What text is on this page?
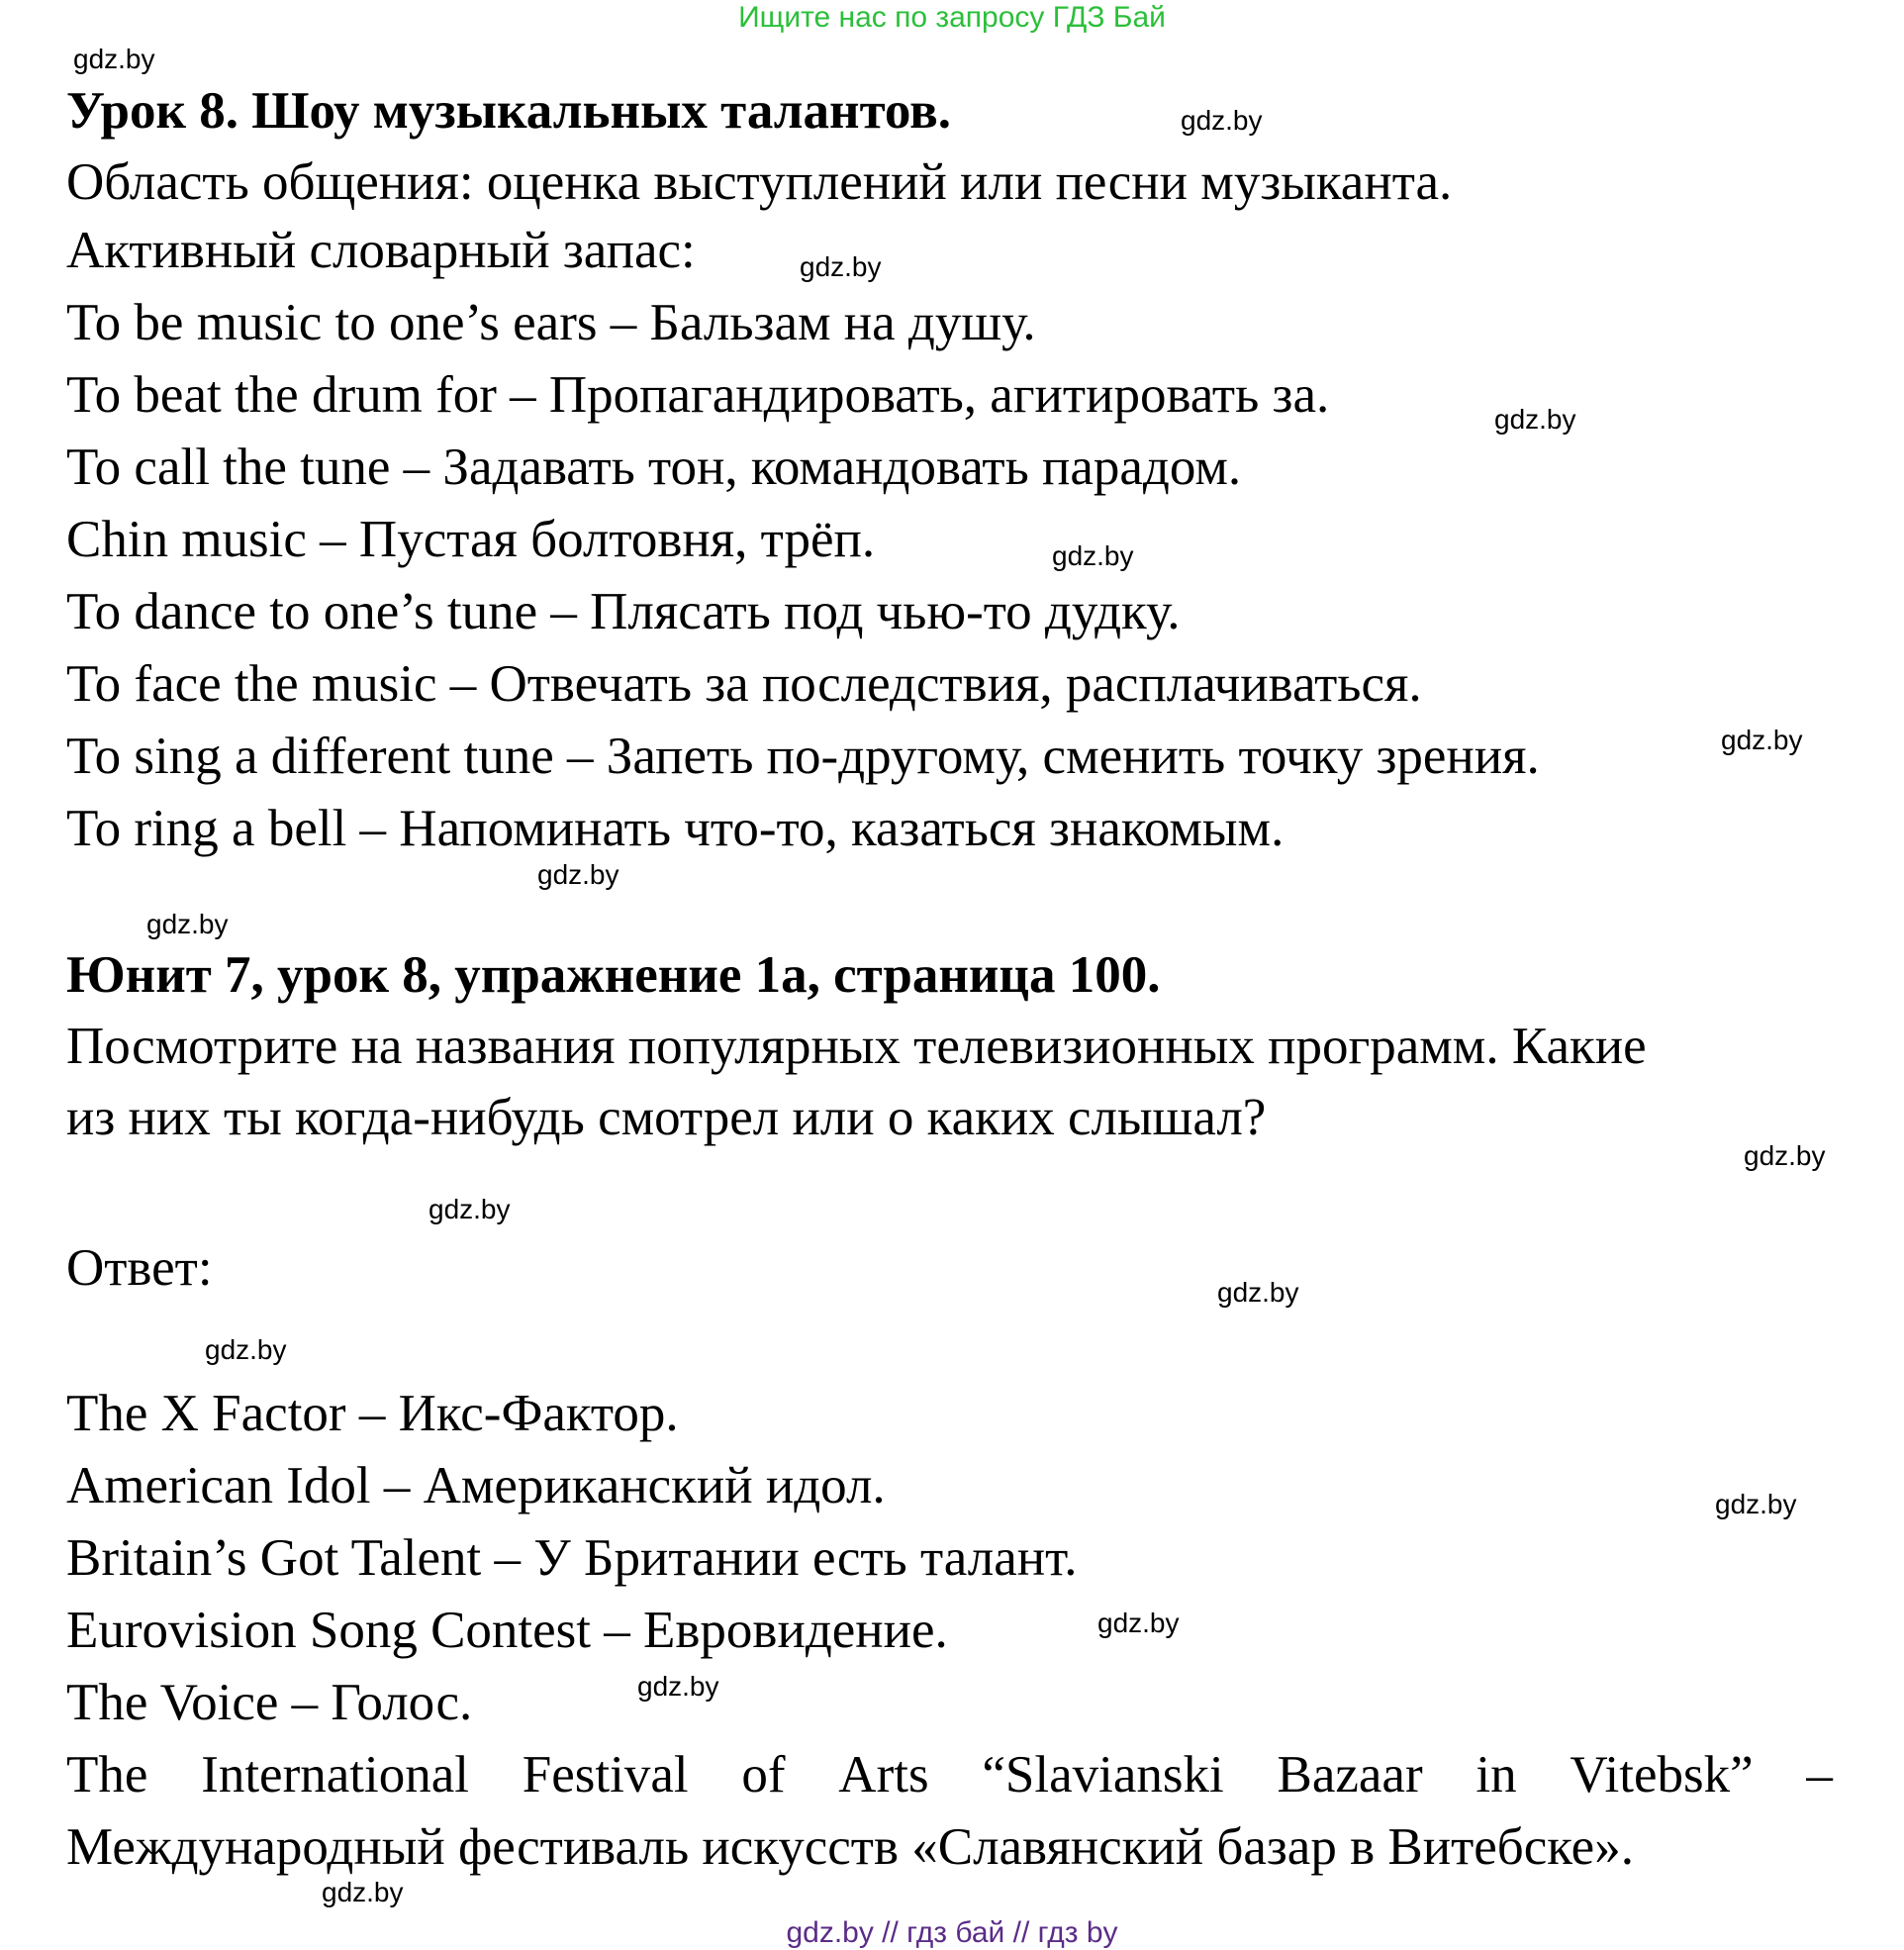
Ищите нас по запросу ГДЗ Бай
Урок 8. Шоу музыкальных талантов.
Область общения: оценка выступлений или песни музыканта.
Активный словарный запас:
To be music to one’s ears – Бальзам на душу.
To beat the drum for – Пропагандировать, агитировать за.
To call the tune – Задавать тон, командовать парадом.
Chin music – Пустая болтовня, трёп.
To dance to one’s tune – Плясать под чью-то дудку.
To face the music – Отвечать за последствия, расплачиваться.
To sing a different tune – Запеть по-другому, сменить точку зрения.
To ring a bell – Напоминать что-то, казаться знакомым.
Юнит 7, урок 8, упражнение 1а, страница 100.
Посмотрите на названия популярных телевизионных программ. Какие
из них ты когда-нибудь смотрел или о каких слышал?
Ответ:
The X Factor – Икс-Фактор.
American Idol – Американский идол.
Britain’s Got Talent – У Британии есть талант.
Eurovision Song Contest – Евровидение.
The Voice – Голос.
The International Festival of Arts “Slavianski Bazaar in Vitebsk” –
Международный фестиваль искусств «Славянский базар в Витебске».
gdz.by
gdz.by
gdz.by
gdz.by
gdz.by
gdz.by
gdz.by
gdz.by
gdz.by
gdz.by
gdz.by
gdz.by
gdz.by
gdz.by
gdz.by
gdz.by
gdz.by // гдз бай // гдз by
